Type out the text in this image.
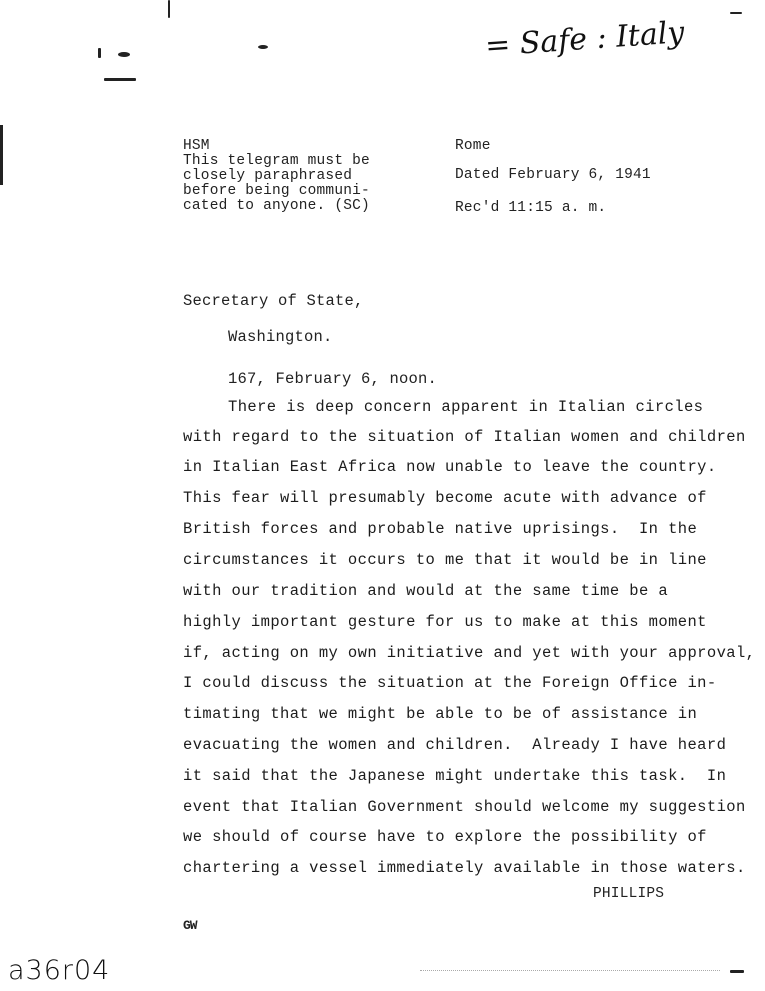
= Safe : Italy
HSM
This telegram must be
closely paraphrased
before being communi-
cated to anyone. (SC)
Rome
Dated February 6, 1941
Rec'd 11:15 a. m.
Secretary of State,
Washington.
167, February 6, noon.
There is deep concern apparent in Italian circles
with regard to the situation of Italian women and children
in Italian East Africa now unable to leave the country.
This fear will presumably become acute with advance of
British forces and probable native uprisings.  In the
circumstances it occurs to me that it would be in line
with our tradition and would at the same time be a
highly important gesture for us to make at this moment
if, acting on my own initiative and yet with your approval,
I could discuss the situation at the Foreign Office in-
timating that we might be able to be of assistance in
evacuating the women and children.  Already I have heard
it said that the Japanese might undertake this task.  In
event that Italian Government should welcome my suggestion
we should of course have to explore the possibility of
chartering a vessel immediately available in those waters.
PHILLIPS
GW
a36r04
